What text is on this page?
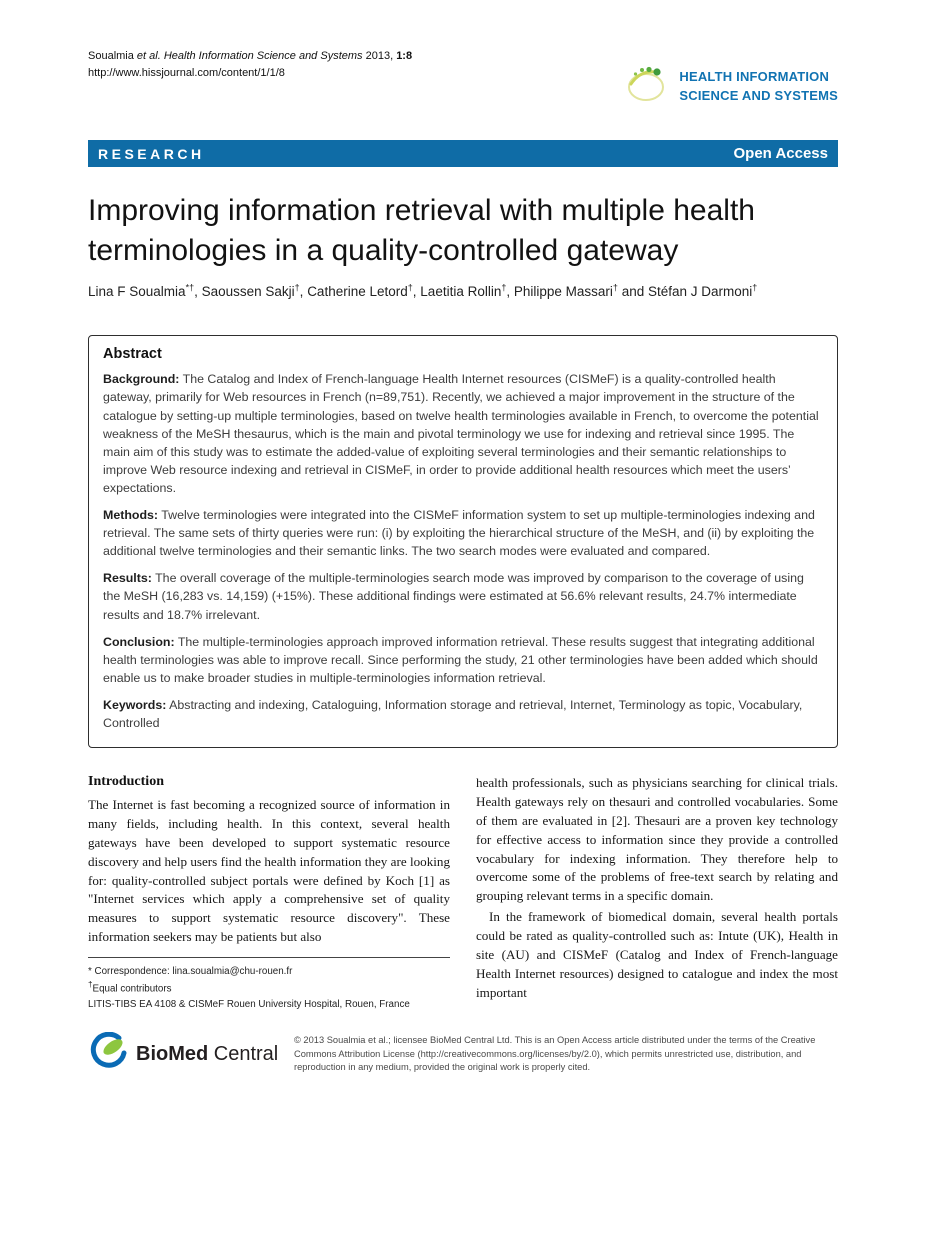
Soualmia et al. Health Information Science and Systems 2013, 1:8
http://www.hissjournal.com/content/1/1/8	HEALTH INFORMATION
SCIENCE AND SYSTEMS
RESEARCH	Open Access
Improving information retrieval with multiple health terminologies in a quality-controlled gateway
Lina F Soualmia*†, Saoussen Sakji†, Catherine Letord†, Laetitia Rollin†, Philippe Massari† and Stéfan J Darmoni†
Abstract

Background: The Catalog and Index of French-language Health Internet resources (CISMeF) is a quality-controlled health gateway, primarily for Web resources in French (n=89,751). Recently, we achieved a major improvement in the structure of the catalogue by setting-up multiple terminologies, based on twelve health terminologies available in French, to overcome the potential weakness of the MeSH thesaurus, which is the main and pivotal terminology we use for indexing and retrieval since 1995. The main aim of this study was to estimate the added-value of exploiting several terminologies and their semantic relationships to improve Web resource indexing and retrieval in CISMeF, in order to provide additional health resources which meet the users’ expectations.

Methods: Twelve terminologies were integrated into the CISMeF information system to set up multiple-terminologies indexing and retrieval. The same sets of thirty queries were run: (i) by exploiting the hierarchical structure of the MeSH, and (ii) by exploiting the additional twelve terminologies and their semantic links. The two search modes were evaluated and compared.

Results: The overall coverage of the multiple-terminologies search mode was improved by comparison to the coverage of using the MeSH (16,283 vs. 14,159) (+15%). These additional findings were estimated at 56.6% relevant results, 24.7% intermediate results and 18.7% irrelevant.

Conclusion: The multiple-terminologies approach improved information retrieval. These results suggest that integrating additional health terminologies was able to improve recall. Since performing the study, 21 other terminologies have been added which should enable us to make broader studies in multiple-terminologies information retrieval.

Keywords: Abstracting and indexing, Cataloguing, Information storage and retrieval, Internet, Terminology as topic, Vocabulary, Controlled

Introduction

The Internet is fast becoming a recognized source of information in many fields, including health. In this context, several health gateways have been developed to support systematic resource discovery and help users find the health information they are looking for: quality-controlled subject portals were defined by Koch [1] as "Internet services which apply a comprehensive set of quality measures to support systematic resource discovery". These information seekers may be patients but also

* Correspondence: lina.soualmia@chu-rouen.fr
†Equal contributors
LITIS-TIBS EA 4108 & CISMeF Rouen University Hospital, Rouen, France

health professionals, such as physicians searching for clinical trials. Health gateways rely on thesauri and controlled vocabularies. Some of them are evaluated in [2]. Thesauri are a proven key technology for effective access to information since they provide a controlled vocabulary for indexing information. They therefore help to overcome some of the problems of free-text search by relating and grouping relevant terms in a specific domain.

In the framework of biomedical domain, several health portals could be rated as quality-controlled such as: Intute (UK), Health in site (AU) and CISMeF (Catalog and Index of French-language Health Internet resources) designed to catalogue and index the most important

BioMed Central

© 2013 Soualmia et al.; licensee BioMed Central Ltd. This is an Open Access article distributed under the terms of the Creative Commons Attribution License (http://creativecommons.org/licenses/by/2.0), which permits unrestricted use, distribution, and reproduction in any medium, provided the original work is properly cited.
